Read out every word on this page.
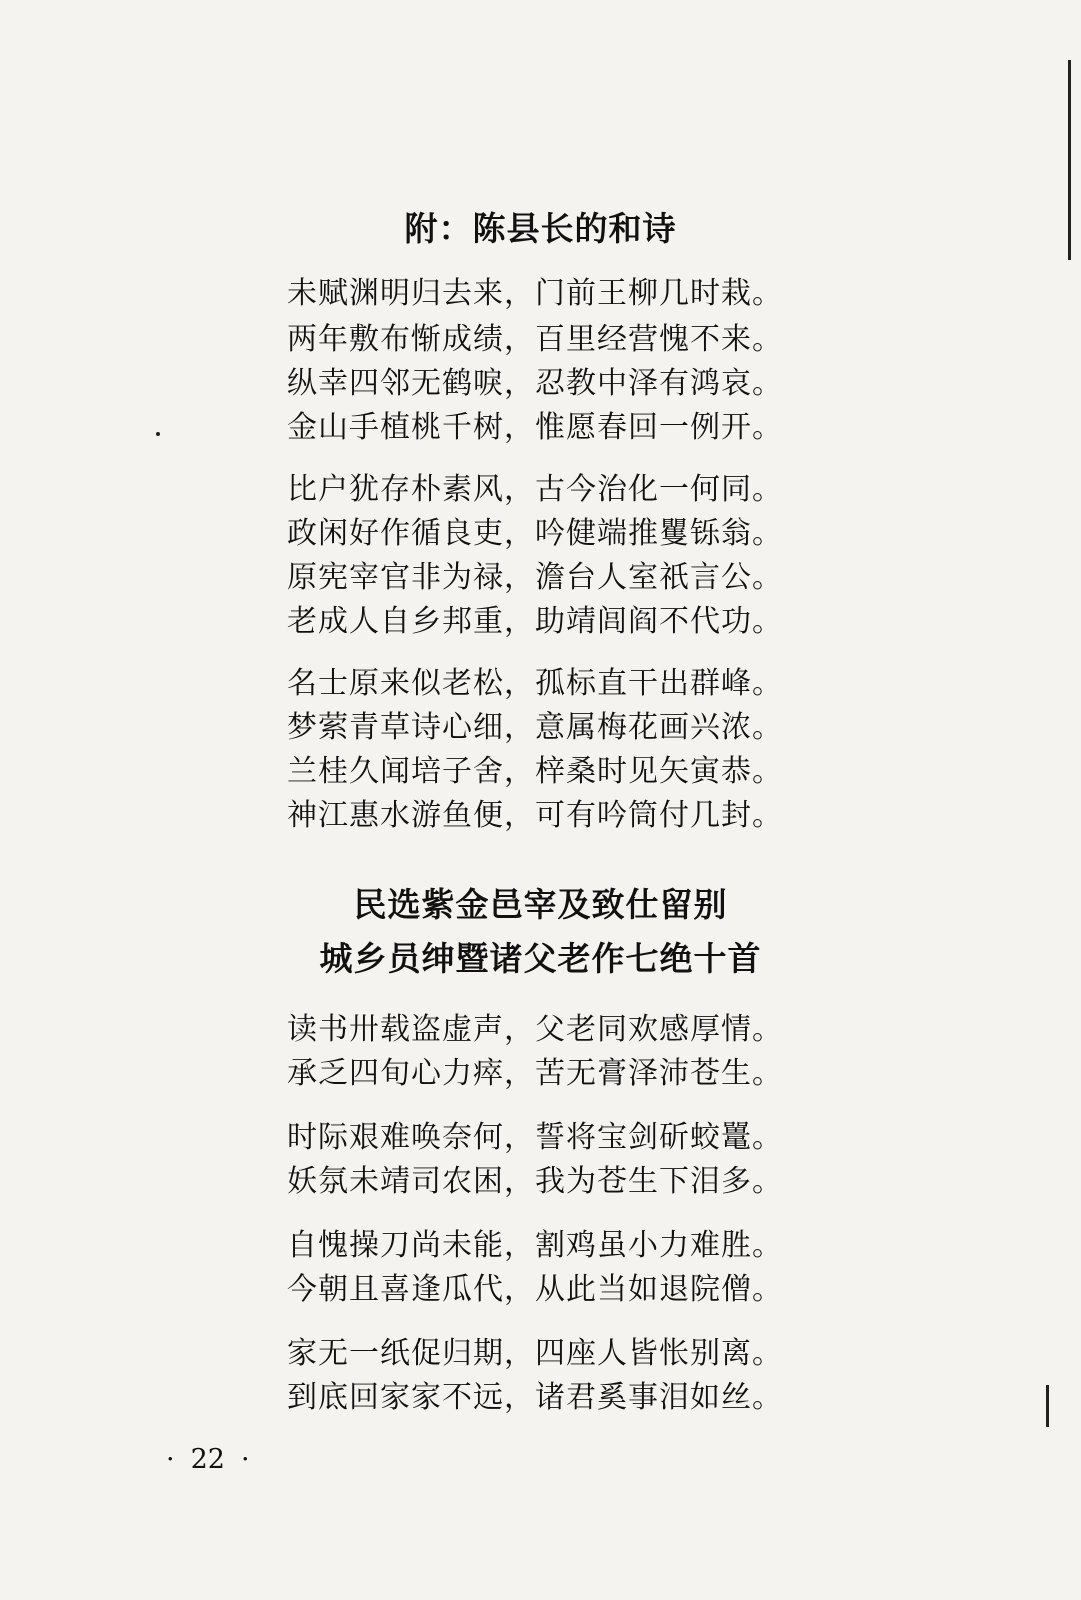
附：陈县长的和诗
未赋渊明归去来，门前王柳几时栽。
两年敷布惭成绩，百里经营愧不来。
纵幸四邻无鹤唳，忍教中泽有鸿哀。
金山手植桃千树，惟愿春回一例开。
比户犹存朴素风，古今治化一何同。
政闲好作循良吏，吟健端推矍铄翁。
原宪宰官非为禄，澹台人室祇言公。
老成人自乡邦重，助靖闾阎不代功。
名士原来似老松，孤标直干出群峰。
梦萦青草诗心细，意属梅花画兴浓。
兰桂久闻培子舍，梓桑时见矢寅恭。
神江惠水游鱼便，可有吟筒付几封。
民选紫金邑宰及致仕留别
城乡员绅暨诸父老作七绝十首
读书卅载盗虚声，父老同欢感厚情。
承乏四旬心力瘁，苦无膏泽沛苍生。
时际艰难唤奈何，誓将宝剑斫蛟鼍。
妖氛未靖司农困，我为苍生下泪多。
自愧操刀尚未能，割鸡虽小力难胜。
今朝且喜逢瓜代，从此当如退院僧。
家无一纸促归期，四座人皆怅别离。
到底回家家不远，诸君奚事泪如丝。
· 22 ·
